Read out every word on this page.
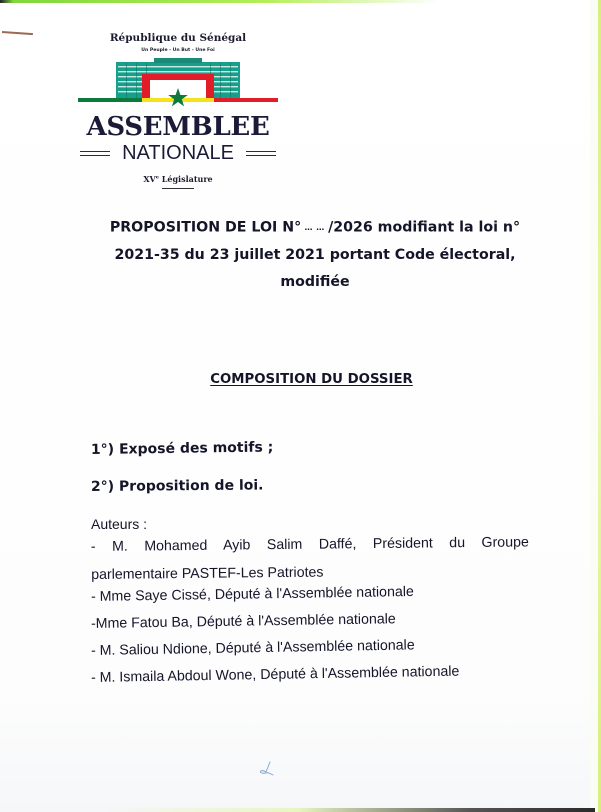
République du Sénégal
Un Peuple - Un But - Une Foi
ASSEMBLEE
NATIONALE
XVe Législature
PROPOSITION DE LOI N° … … /2026 modifiant la loi n°
2021-35 du 23 juillet 2021 portant Code électoral,
modifiée
COMPOSITION DU DOSSIER
1°) Exposé des motifs ;
2°) Proposition de loi.
Auteurs :
- M. Mohamed Ayib Salim Daffé, Président du Groupe
parlementaire PASTEF-Les Patriotes
- Mme Saye Cissé, Député à l'Assemblée nationale
-Mme Fatou Ba, Député à l'Assemblée nationale
- M. Saliou Ndione, Député à l'Assemblée nationale
- M. Ismaila Abdoul Wone, Député à l'Assemblée nationale
